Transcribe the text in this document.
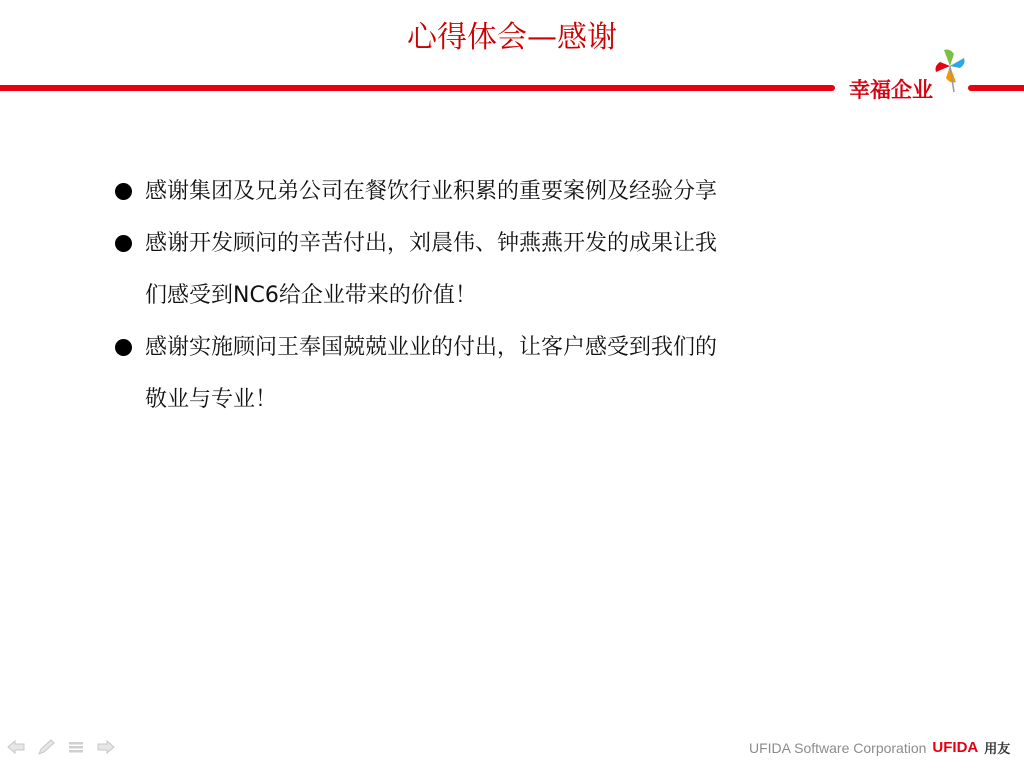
心得体会—感谢
幸福企业
感谢集团及兄弟公司在餐饮行业积累的重要案例及经验分享
感谢开发顾问的辛苦付出，刘晨伟、钟燕燕开发的成果让我
们感受到NC6给企业带来的价值！
感谢实施顾问王奉国兢兢业业的付出，让客户感受到我们的
敬业与专业！
UFIDA Software Corporation UFIDA 用友
